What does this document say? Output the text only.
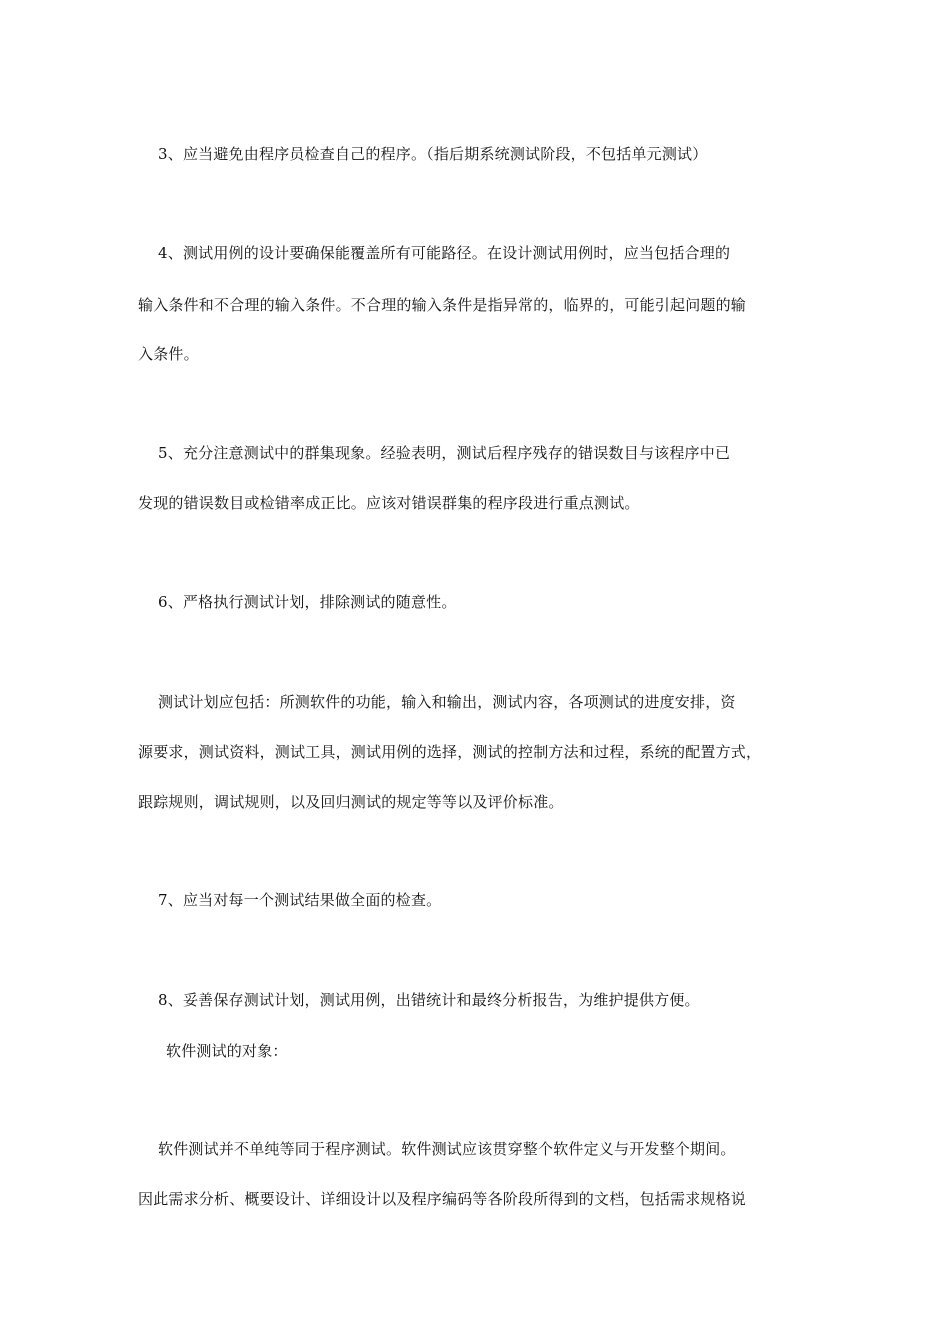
3、应当避免由程序员检查自己的程序。（指后期系统测试阶段，不包括单元测试）
4、测试用例的设计要确保能覆盖所有可能路径。在设计测试用例时，应当包括合理的
输入条件和不合理的输入条件。不合理的输入条件是指异常的，临界的，可能引起问题的输
入条件。
5、充分注意测试中的群集现象。经验表明，测试后程序残存的错误数目与该程序中已
发现的错误数目或检错率成正比。应该对错误群集的程序段进行重点测试。
6、严格执行测试计划，排除测试的随意性。
测试计划应包括：所测软件的功能，输入和输出，测试内容，各项测试的进度安排，资
源要求，测试资料，测试工具，测试用例的选择，测试的控制方法和过程，系统的配置方式，
跟踪规则，调试规则，以及回归测试的规定等等以及评价标准。
7、应当对每一个测试结果做全面的检查。
8、妥善保存测试计划，测试用例，出错统计和最终分析报告，为维护提供方便。
软件测试的对象：
软件测试并不单纯等同于程序测试。软件测试应该贯穿整个软件定义与开发整个期间。
因此需求分析、概要设计、详细设计以及程序编码等各阶段所得到的文档，包括需求规格说
